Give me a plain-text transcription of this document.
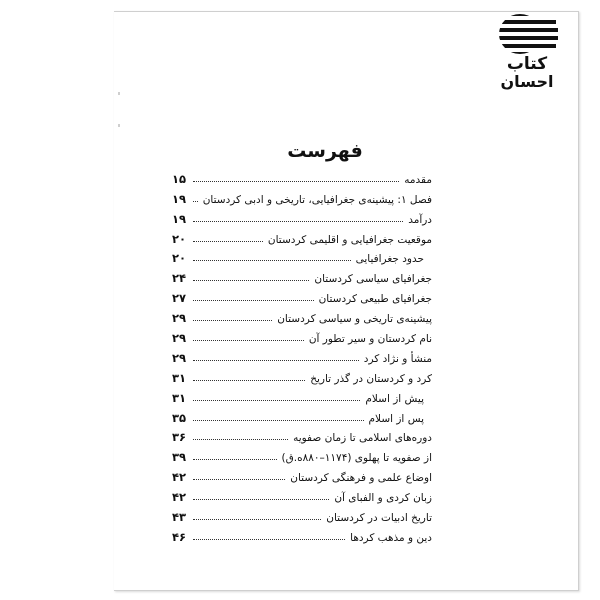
کتاب
احسان
فهرست
مقدمه
۱۵
فصل ۱: پیشینه‌ی جغرافیایی، تاریخی و ادبی کردستان
۱۹
درآمد
۱۹
موقعیت جغرافیایی و اقلیمی کردستان
۲۰
حدود جغرافیایی
۲۰
جغرافیای سیاسی کردستان
۲۴
جغرافیای طبیعی کردستان
۲۷
پیشینه‌ی تاریخی و سیاسی کردستان
۲۹
نام کردستان و سیر تطور آن
۲۹
منشأ و نژاد کرد
۲۹
کرد و کردستان در گذر تاریخ
۳۱
پیش از اسلام
۳۱
پس از اسلام
۳۵
دوره‌های اسلامی تا زمان صفویه
۳۶
از صفویه تا پهلوی (۱۱۷۴–۸۸۰ه.ق)
۳۹
اوضاع علمی و فرهنگی کردستان
۴۲
زبان کردی و الفبای آن
۴۲
تاریخ ادبیات در کردستان
۴۳
دین و مذهب کردها
۴۶
